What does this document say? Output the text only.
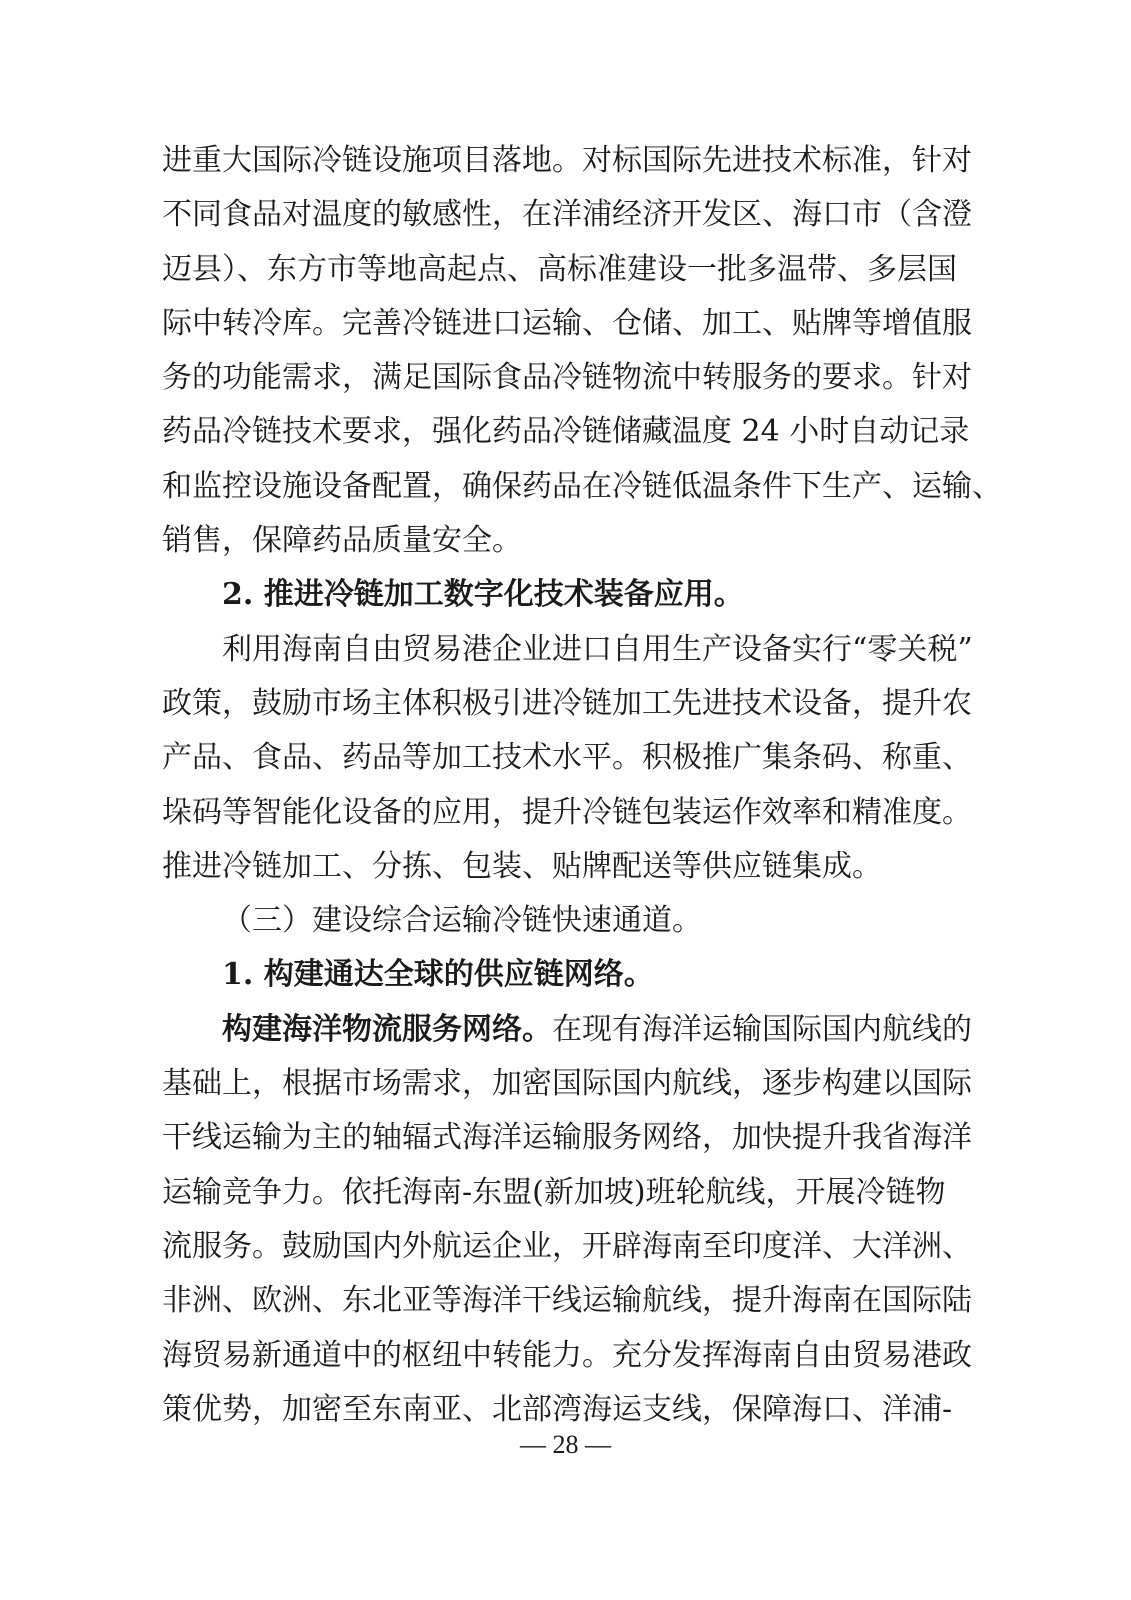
进重大国际冷链设施项目落地。对标国际先进技术标准，针对
不同食品对温度的敏感性，在洋浦经济开发区、海口市（含澄
迈县）、东方市等地高起点、高标准建设一批多温带、多层国
际中转冷库。完善冷链进口运输、仓储、加工、贴牌等增值服
务的功能需求，满足国际食品冷链物流中转服务的要求。针对
药品冷链技术要求，强化药品冷链储藏温度 24 小时自动记录
和监控设施设备配置，确保药品在冷链低温条件下生产、运输、
销售，保障药品质量安全。
2. 推进冷链加工数字化技术装备应用。
利用海南自由贸易港企业进口自用生产设备实行“零关税”
政策，鼓励市场主体积极引进冷链加工先进技术设备，提升农
产品、食品、药品等加工技术水平。积极推广集条码、称重、
垛码等智能化设备的应用，提升冷链包装运作效率和精准度。
推进冷链加工、分拣、包装、贴牌配送等供应链集成。
（三）建设综合运输冷链快速通道。
1. 构建通达全球的供应链网络。
构建海洋物流服务网络。在现有海洋运输国际国内航线的
基础上，根据市场需求，加密国际国内航线，逐步构建以国际
干线运输为主的轴辐式海洋运输服务网络，加快提升我省海洋
运输竞争力。依托海南-东盟(新加坡)班轮航线，开展冷链物
流服务。鼓励国内外航运企业，开辟海南至印度洋、大洋洲、
非洲、欧洲、东北亚等海洋干线运输航线，提升海南在国际陆
海贸易新通道中的枢纽中转能力。充分发挥海南自由贸易港政
策优势，加密至东南亚、北部湾海运支线，保障海口、洋浦-
— 28 —
